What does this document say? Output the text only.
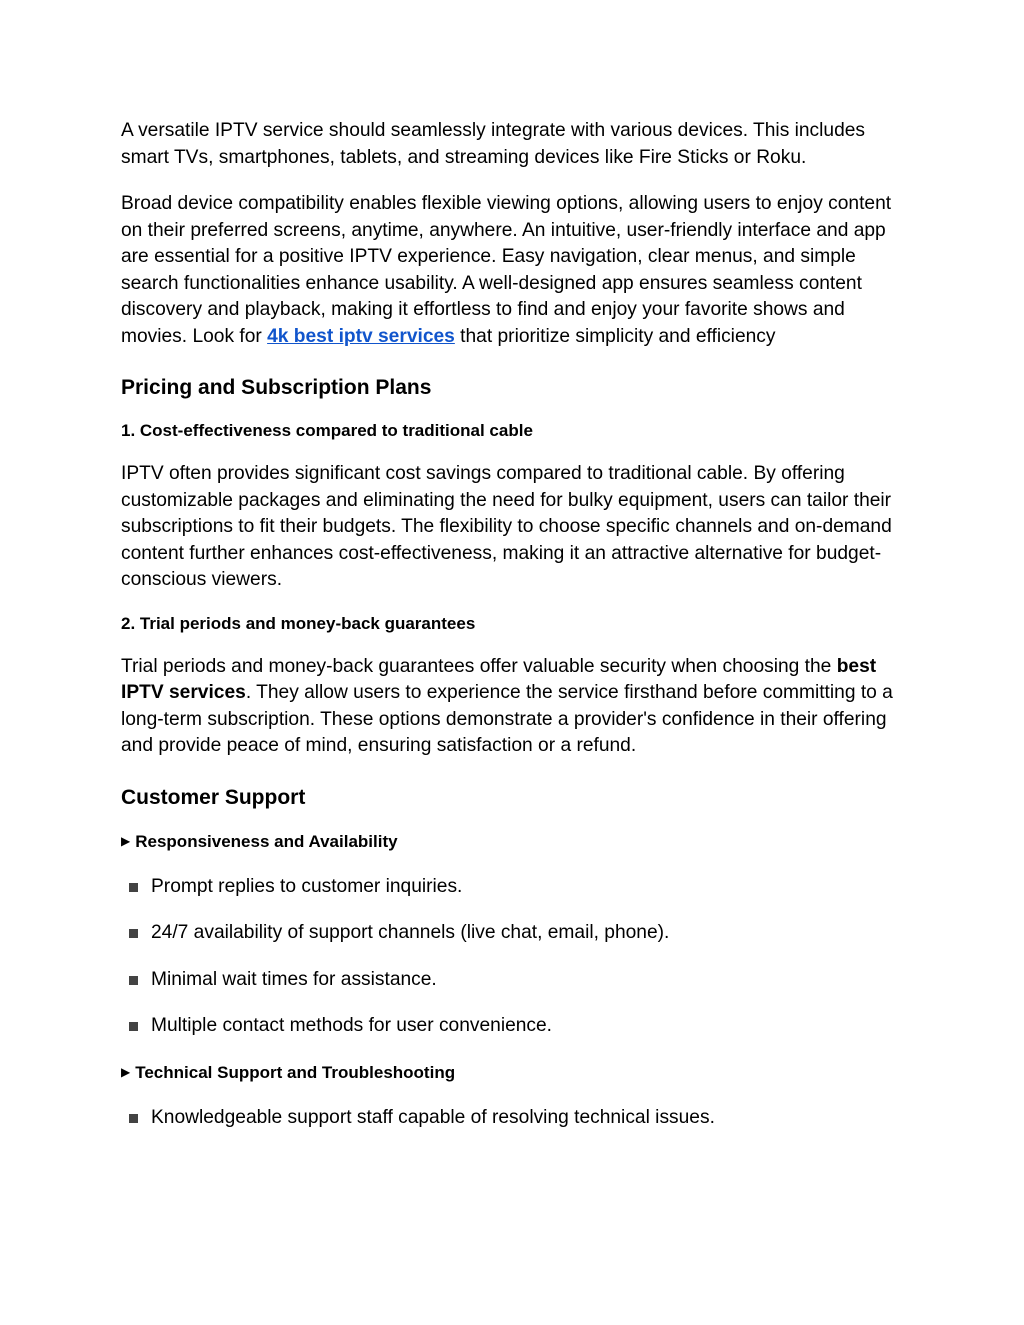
A versatile IPTV service should seamlessly integrate with various devices. This includes smart TVs, smartphones, tablets, and streaming devices like Fire Sticks or Roku.

Broad device compatibility enables flexible viewing options, allowing users to enjoy content on their preferred screens, anytime, anywhere. An intuitive, user-friendly interface and app are essential for a positive IPTV experience. Easy navigation, clear menus, and simple search functionalities enhance usability. A well-designed app ensures seamless content discovery and playback, making it effortless to find and enjoy your favorite shows and movies. Look for 4k best iptv services that prioritize simplicity and efficiency

Pricing and Subscription Plans
1. Cost-effectiveness compared to traditional cable

IPTV often provides significant cost savings compared to traditional cable. By offering customizable packages and eliminating the need for bulky equipment, users can tailor their subscriptions to fit their budgets. The flexibility to choose specific channels and on-demand content further enhances cost-effectiveness, making it an attractive alternative for budget-conscious viewers.

2. Trial periods and money-back guarantees

Trial periods and money-back guarantees offer valuable security when choosing the best IPTV services. They allow users to experience the service firsthand before committing to a long-term subscription. These options demonstrate a provider's confidence in their offering and provide peace of mind, ensuring satisfaction or a refund.

Customer Support
▶ Responsiveness and Availability
Prompt replies to customer inquiries.
24/7 availability of support channels (live chat, email, phone).
Minimal wait times for assistance.
Multiple contact methods for user convenience.
▶ Technical Support and Troubleshooting
Knowledgeable support staff capable of resolving technical issues.
